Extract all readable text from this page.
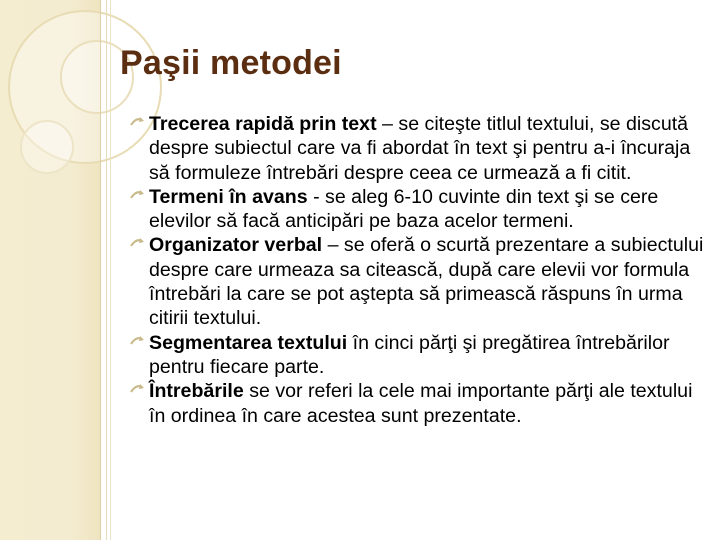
Paşii metodei
Trecerea rapidă prin text – se citeşte titlul textului, se discută despre subiectul care va fi abordat în text şi pentru a-i încuraja să formuleze întrebări despre ceea ce urmează a fi citit.
Termeni în avans - se aleg 6-10 cuvinte din text şi se cere elevilor să facă anticipări pe baza acelor termeni.
Organizator verbal – se oferă o scurtă prezentare a subiectului despre care urmeaza sa citească, după care elevii vor formula întrebări la care se pot aştepta să primească răspuns în urma citirii textului.
Segmentarea textului în cinci părţi şi pregătirea întrebărilor pentru fiecare parte.
Întrebările se vor referi la cele mai importante părţi ale textului în ordinea în care acestea sunt prezentate.
